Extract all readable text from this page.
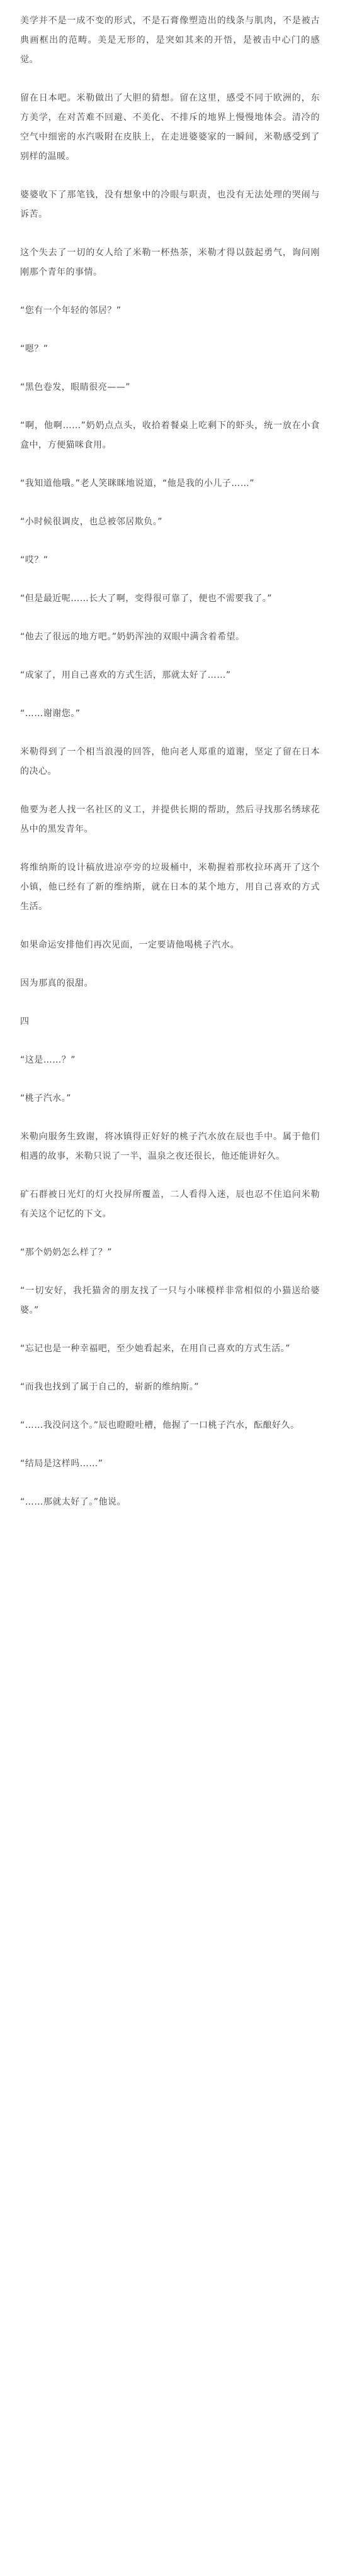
美学并不是一成不变的形式，不是石膏像塑造出的线条与肌肉，不是被古典画框出的范畴。美是无形的，是突如其来的开悟，是被击中心门的感觉。

留在日本吧。米勒做出了大胆的猜想。留在这里，感受不同于欧洲的，东方美学，在对苦难不回避、不美化、不排斥的地界上慢慢地体会。清冷的空气中细密的水汽吸附在皮肤上，在走进婆婆家的一瞬间，米勒感受到了别样的温暖。

婆婆收下了那笔钱，没有想象中的冷眼与职责，也没有无法处理的哭闹与诉苦。

这个失去了一切的女人给了米勒一杯热茶，米勒才得以鼓起勇气，询问刚刚那个青年的事情。

“您有一个年轻的邻居？”

“嗯？”

“黑色卷发，眼睛很亮——”

“啊，他啊……”奶奶点点头，收拾着餐桌上吃剩下的虾头，统一放在小食盒中，方便猫咪食用。

“我知道他哦。”老人笑眯眯地说道，“他是我的小儿子……”

“小时候很调皮，也总被邻居欺负。”

“哎？”

“但是最近呢……长大了啊，变得很可靠了，便也不需要我了。”

“他去了很远的地方吧。”奶奶浑浊的双眼中满含着希望。

“成家了，用自己喜欢的方式生活，那就太好了……”

“……谢谢您。”

米勒得到了一个相当浪漫的回答，他向老人郑重的道谢，坚定了留在日本的决心。

他要为老人找一名社区的义工，并提供长期的帮助，然后寻找那名绣球花丛中的黑发青年。

将维纳斯的设计稿放进凉亭旁的垃圾桶中，米勒握着那枚拉环离开了这个小镇，他已经有了新的维纳斯，就在日本的某个地方，用自己喜欢的方式生活。

如果命运安排他们再次见面，一定要请他喝桃子汽水。

因为那真的很甜。

四

“这是……？”

“桃子汽水。”

米勒向服务生致谢，将冰镇得正好好的桃子汽水放在辰也手中。属于他们相遇的故事，米勒只说了一半，温泉之夜还很长，他还能讲好久。

矿石群被日光灯的灯火投屏所覆盖，二人看得入迷，辰也忍不住追问米勒有关这个记忆的下文。

“那个奶奶怎么样了？”

“一切安好，我托猫舍的朋友找了一只与小咪模样非常相似的小猫送给婆婆。”

“忘记也是一种幸福吧，至少她看起来，在用自己喜欢的方式生活。”

“而我也找到了属于自己的，崭新的维纳斯。”

“……我没问这个。”辰也瞪瞪吐槽，他握了一口桃子汽水，酝酿好久。

“结局是这样吗……”

“……那就太好了。”他说。
